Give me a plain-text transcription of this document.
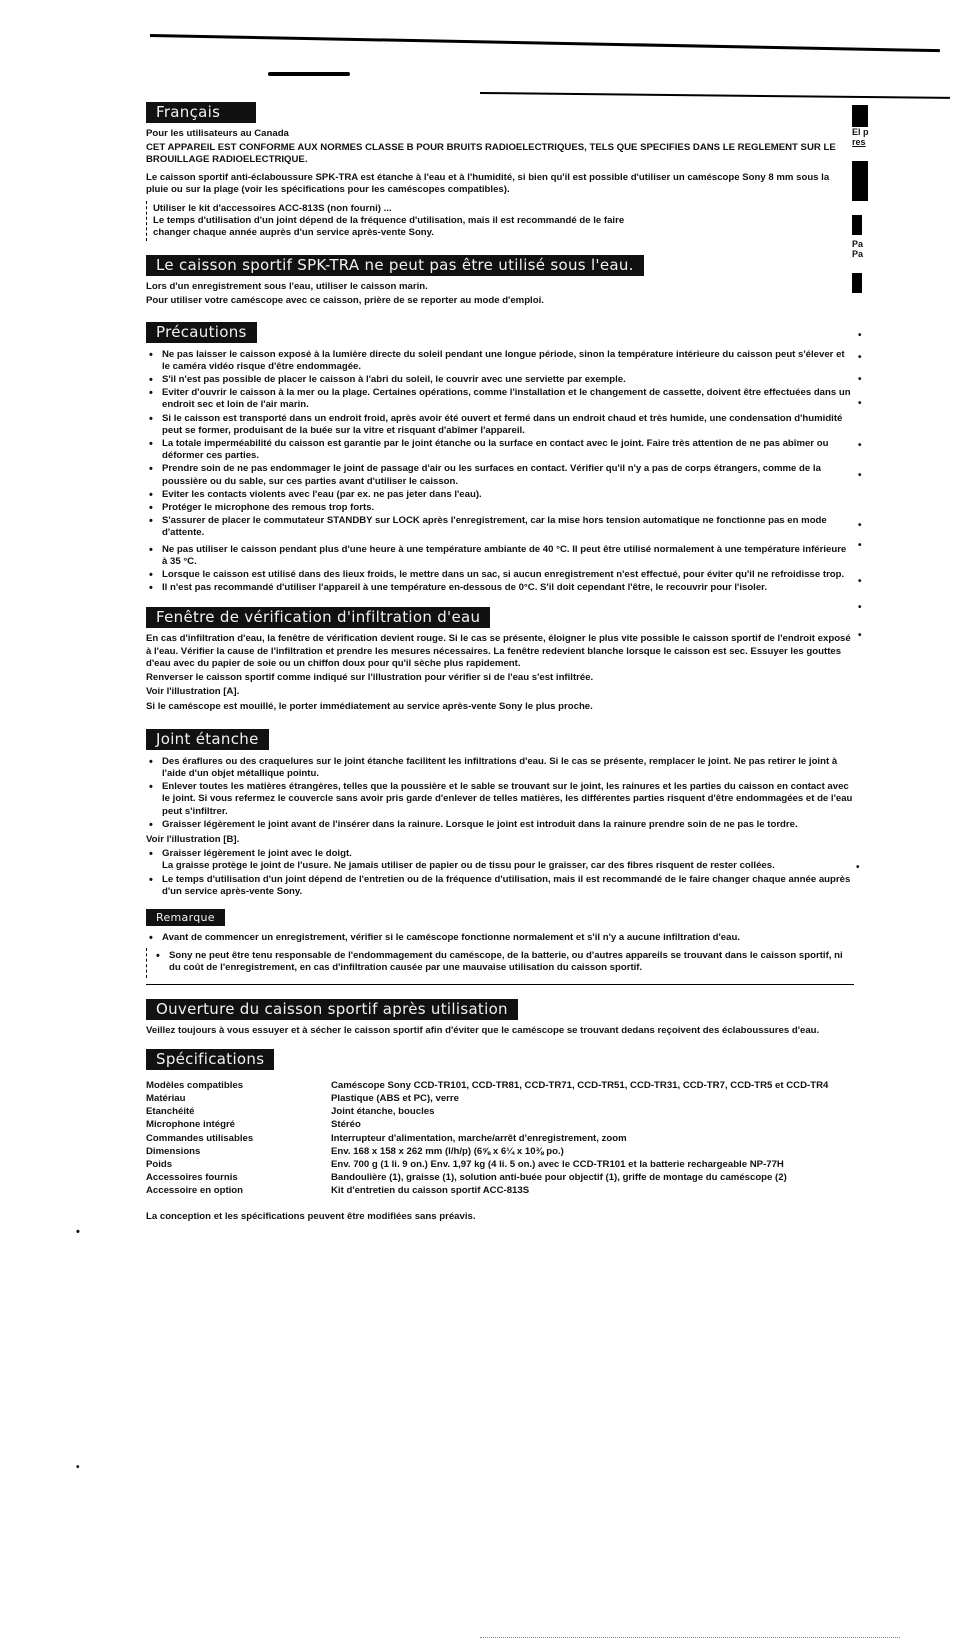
Français

Pour les utilisateurs au Canada

CET APPAREIL EST CONFORME AUX NORMES CLASSE B POUR BRUITS RADIOELECTRIQUES, TELS QUE SPECIFIES DANS LE REGLEMENT SUR LE BROUILLAGE RADIOELECTRIQUE.

Le caisson sportif anti-éclaboussure SPK-TRA est étanche à l'eau et à l'humidité, si bien qu'il est possible d'utiliser un caméscope Sony 8 mm sous la pluie ou sur la plage (voir les spécifications pour les caméscopes compatibles).

Utiliser le kit d'accessoires ACC-813S (non fourni) ...

Le temps d'utilisation d'un joint dépend de la fréquence d'utilisation, mais il est recommandé de le faire

changer chaque année auprès d'un service après-vente Sony.

Le caisson sportif SPK-TRA ne peut pas être utilisé sous l'eau.

Lors d'un enregistrement sous l'eau, utiliser le caisson marin.

Pour utiliser votre caméscope avec ce caisson, prière de se reporter au mode d'emploi.

Précautions
• Ne pas laisser le caisson exposé à la lumière directe du soleil pendant une longue période, sinon la température intérieure du caisson peut s'élever et le caméra vidéo risque d'être endommagée.
• S'il n'est pas possible de placer le caisson à l'abri du soleil, le couvrir avec une serviette par exemple.
• Eviter d'ouvrir le caisson à la mer ou la plage. Certaines opérations, comme l'installation et le changement de cassette, doivent être effectuées dans un endroit sec et loin de l'air marin.
• Si le caisson est transporté dans un endroit froid, après avoir été ouvert et fermé dans un endroit chaud et très humide, une condensation d'humidité peut se former, produisant de la buée sur la vitre et risquant d'abîmer l'appareil.
• La totale imperméabilité du caisson est garantie par le joint étanche ou la surface en contact avec le joint. Faire très attention de ne pas abîmer ou déformer ces parties.
• Prendre soin de ne pas endommager le joint de passage d'air ou les surfaces en contact. Vérifier qu'il n'y a pas de corps étrangers, comme de la poussière ou du sable, sur ces parties avant d'utiliser le caisson.
• Eviter les contacts violents avec l'eau (par ex. ne pas jeter dans l'eau).
• Protéger le microphone des remous trop forts.
• S'assurer de placer le commutateur STANDBY sur LOCK après l'enregistrement, car la mise hors tension automatique ne fonctionne pas en mode d'attente.
• Ne pas utiliser le caisson pendant plus d'une heure à une température ambiante de 40 °C. Il peut être utilisé normalement à une température inférieure à 35 °C.
• Lorsque le caisson est utilisé dans des lieux froids, le mettre dans un sac, si aucun enregistrement n'est effectué, pour éviter qu'il ne refroidisse trop.
• Il n'est pas recommandé d'utiliser l'appareil à une température en-dessous de 0°C. S'il doit cependant l'être, le recouvrir pour l'isoler.
Fenêtre de vérification d'infiltration d'eau

En cas d'infiltration d'eau, la fenêtre de vérification devient rouge. Si le cas se présente, éloigner le plus vite possible le caisson sportif de l'endroit exposé à l'eau. Vérifier la cause de l'infiltration et prendre les mesures nécessaires. La fenêtre redevient blanche lorsque le caisson est sec. Essuyer les gouttes d'eau avec du papier de soie ou un chiffon doux pour qu'il sèche plus rapidement.

Renverser le caisson sportif comme indiqué sur l'illustration pour vérifier si de l'eau s'est infiltrée.

Voir l'illustration [A].

Si le caméscope est mouillé, le porter immédiatement au service après-vente Sony le plus proche.

Joint étanche
• Des éraflures ou des craquelures sur le joint étanche facilitent les infiltrations d'eau. Si le cas se présente, remplacer le joint. Ne pas retirer le joint à l'aide d'un objet métallique pointu.
• Enlever toutes les matières étrangères, telles que la poussière et le sable se trouvant sur le joint, les rainures et les parties du caisson en contact avec le joint. Si vous refermez le couvercle sans avoir pris garde d'enlever de telles matières, les différentes parties risquent d'être endommagées et de l'eau peut s'infiltrer.
• Graisser légèrement le joint avant de l'insérer dans la rainure. Lorsque le joint est introduit dans la rainure prendre soin de ne pas le tordre.

Voir l'illustration [B].

• Graisser légèrement le joint avec le doigt.
La graisse protège le joint de l'usure. Ne jamais utiliser de papier ou de tissu pour le graisser, car des fibres risquent de rester collées.
• Le temps d'utilisation d'un joint dépend de l'entretien ou de la fréquence d'utilisation, mais il est recommandé de le faire changer chaque année auprès d'un service après-vente Sony.
Remarque
• Avant de commencer un enregistrement, vérifier si le caméscope fonctionne normalement et s'il n'y a aucune infiltration d'eau.
• Sony ne peut être tenu responsable de l'endommagement du caméscope, de la batterie, ou d'autres appareils se trouvant dans le caisson sportif, ni du coût de l'enregistrement, en cas d'infiltration causée par une mauvaise utilisation du caisson sportif.
Ouverture du caisson sportif après utilisation

Veillez toujours à vous essuyer et à sécher le caisson sportif afin d'éviter que le caméscope se trouvant dedans reçoivent des éclaboussures d'eau.

Spécifications
Modèles compatibles	Caméscope Sony CCD-TR101, CCD-TR81, CCD-TR71, CCD-TR51, CCD-TR31, CCD-TR7, CCD-TR5 et CCD-TR4
Matériau	Plastique (ABS et PC), verre
Etanchéité	Joint étanche, boucles
Microphone intégré	Stéréo
Commandes utilisables	Interrupteur d'alimentation, marche/arrêt d'enregistrement, zoom
Dimensions	Env. 168 x 158 x 262 mm (l/h/p) (6⅝ x 6¼ x 10⅜ po.)
Poids	Env. 700 g (1 li. 9 on.) Env. 1,97 kg (4 li. 5 on.) avec le CCD-TR101 et la batterie rechargeable NP-77H
Accessoires fournis	Bandoulière (1), graisse (1), solution anti-buée pour objectif (1), griffe de montage du caméscope (2)
Accessoire en option	Kit d'entretien du caisson sportif ACC-813S

La conception et les spécifications peuvent être modifiées sans préavis.

El p
res
Pa
Pa
•
•
•
•
•
•
•
•
•
•
•
•
•
•
